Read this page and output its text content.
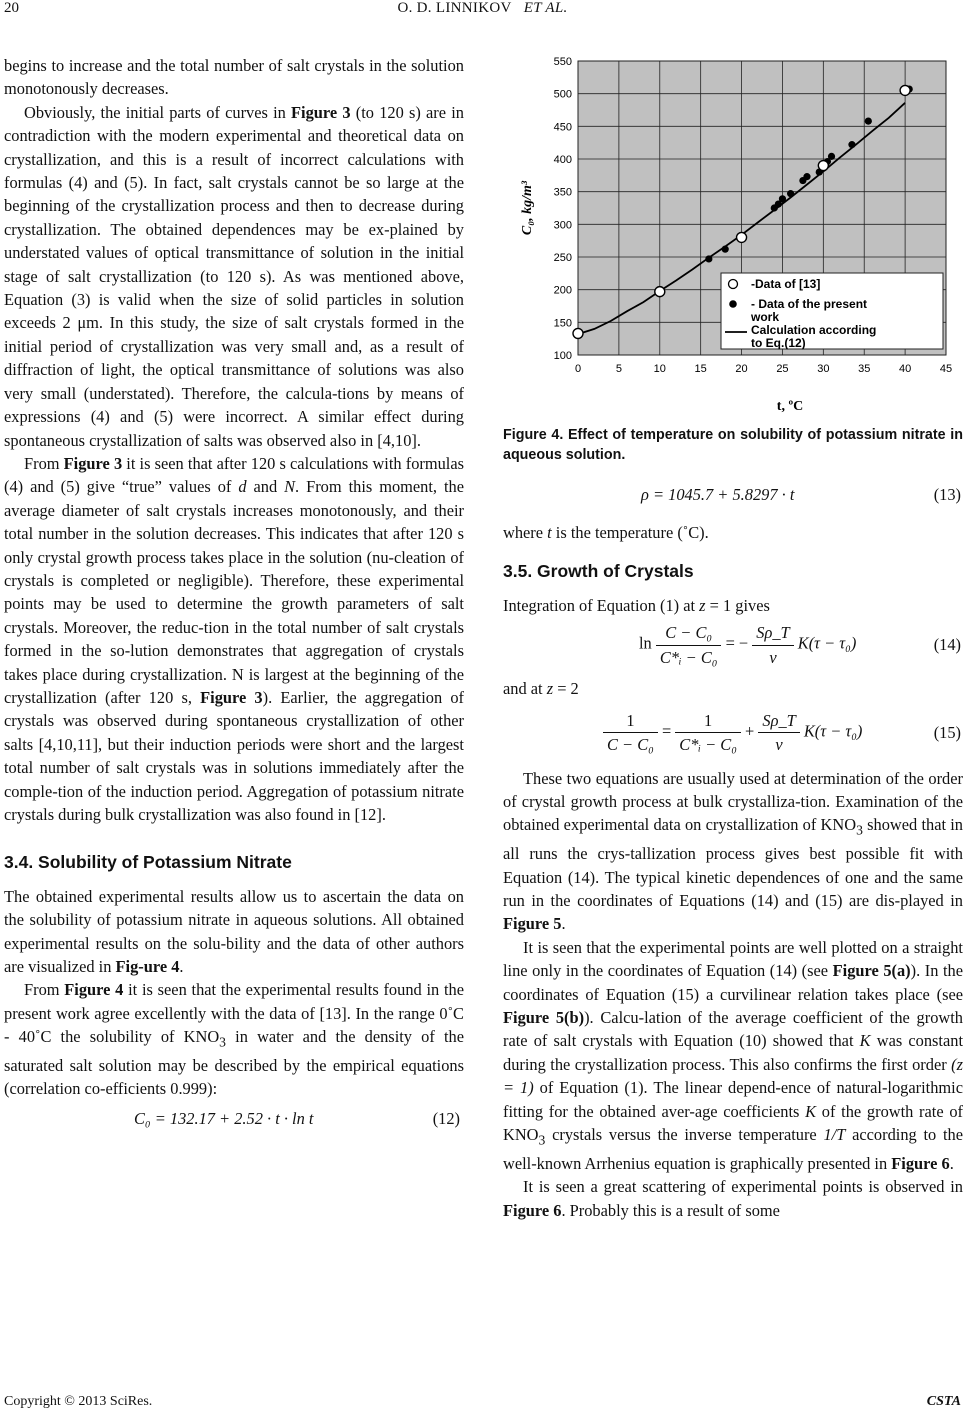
20	O. D. LINNIKOV ET AL.

begins to increase and the total number of salt crystals in the solution monotonously decreases.

Obviously, the initial parts of curves in Figure 3 (to 120 s) are in contradiction with the modern experimental and theoretical data on crystallization, and this is a result of incorrect calculations with formulas (4) and (5). In fact, salt crystals cannot be so large at the beginning of the crystallization process and then to decrease during crystallization. The obtained dependences may be ex-plained by understated values of optical transmittance of solution in the initial stage of salt crystallization (to 120 s). As was mentioned above, Equation (3) is valid when the size of solid particles in solution exceeds 2 μm. In this study, the size of salt crystals formed in the initial period of crystallization was very small and, as a result of diffraction of light, the optical transmittance of solutions was also very small (understated). Therefore, the calcula-tions by means of expressions (4) and (5) were incorrect. A similar effect during spontaneous crystallization of salts was observed also in [4,10].

From Figure 3 it is seen that after 120 s calculations with formulas (4) and (5) give “true” values of d and N. From this moment, the average diameter of salt crystals increases monotonously, and their total number in the solution decreases. This indicates that after 120 s only crystal growth process takes place in the solution (nu-cleation of crystals is completed or negligible). Therefore, these experimental points may be used to determine the growth parameters of salt crystals. Moreover, the reduc-tion in the total number of salt crystals formed in the so-lution demonstrates that aggregation of crystals takes place during crystallization. N is largest at the beginning of the crystallization (after 120 s, Figure 3). Earlier, the aggregation of crystals was observed during spontaneous crystallization of other salts [4,10,11], but their induction periods were short and the largest total number of salt crystals was in solutions immediately after the comple-tion of the induction period. Aggregation of potassium nitrate crystals during bulk crystallization was also found in [12].

3.4. Solubility of Potassium Nitrate

The obtained experimental results allow us to ascertain the data on the solubility of potassium nitrate in aqueous solutions. All obtained experimental results on the solu-bility and the data of other authors are visualized in Fig-ure 4.

From Figure 4 it is seen that the experimental results found in the present work agree excellently with the data of [13]. In the range 0˚C - 40˚C the solubility of $KNO_3$ in water and the density of the saturated salt solution may be described by the empirical equations (correlation co-efficients 0.999):

C₀ = 132.17 + 2.52 · t · ln t	(12)
0	5	10	15	20	25	30	35	40	45
100
150
200
250
300
350
400
450
500
550
-Data of [13]
- Data of the present
work
Calculation according
to Eq.(12)
C₀, kg/m³
t, ºC

Figure 4. Effect of temperature on solubility of potassium nitrate in aqueous solution.

ρ = 1045.7 + 5.8297 · t	(13)

where t is the temperature (˚C).

3.5. Growth of Crystals

Integration of Equation (1) at z = 1 gives

$\ln \frac{\text{C − C₀}}{\text{C*ᵢ − C₀}}$ = − $\frac{S\rho\_T}{v} K(\tau - \tau_0)$	(14)

and at z = 2

$\frac{1}{\text{C − C₀}} = \frac{1}{\text{C*ᵢ − C₀}} + \frac{S\rho\_T}{v} K(\tau - \tau_0)$	(15)

These two equations are usually used at determination of the order of crystal growth process at bulk crystalliza-tion. Examination of the obtained experimental data on crystallization of $KNO_3$ showed that in all runs the crys-tallization process gives best possible fit with Equation (14). The typical kinetic dependences of one and the same run in the coordinates of Equations (14) and (15) are dis-played in Figure 5.

It is seen that the experimental points are well plotted on a straight line only in the coordinates of Equation (14) (see Figure 5(a)). In the coordinates of Equation (15) a curvilinear relation takes place (see Figure 5(b)). Calcu-lation of the average coefficient of the growth rate of salt crystals with Equation (10) showed that K was constant during the crystallization process. This also confirms the first order (z = 1) of Equation (1). The linear depend-ence of natural-logarithmic fitting for the obtained aver-age coefficients K of the growth rate of $KNO_3$ crystals versus the inverse temperature 1/T according to the well-known Arrhenius equation is graphically presented in Figure 6.

It is seen a great scattering of experimental points is observed in Figure 6. Probably this is a result of some

Copyright © 2013 SciRes.	CSTA
